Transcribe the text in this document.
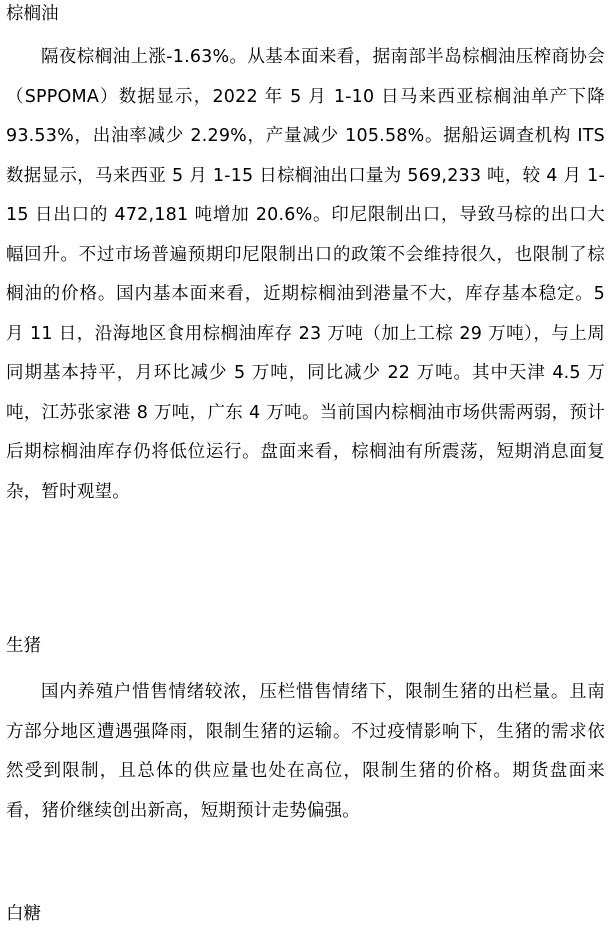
棕榈油

隔夜棕榈油上涨-1.63%。从基本面来看，据南部半岛棕榈油压榨商协会（SPPOMA）数据显示，2022 年 5 月 1-10 日马来西亚棕榈油单产下降 93.53%，出油率减少 2.29%，产量减少 105.58%。据船运调查机构 ITS 数据显示，马来西亚 5 月 1-15 日棕榈油出口量为 569,233 吨，较 4 月 1-15 日出口的 472,181 吨增加 20.6%。印尼限制出口，导致马棕的出口大幅回升。不过市场普遍预期印尼限制出口的政策不会维持很久，也限制了棕榈油的价格。国内基本面来看，近期棕榈油到港量不大，库存基本稳定。5 月 11 日，沿海地区食用棕榈油库存 23 万吨（加上工棕 29 万吨），与上周同期基本持平，月环比减少 5 万吨，同比减少 22 万吨。其中天津 4.5 万吨，江苏张家港 8 万吨，广东 4 万吨。当前国内棕榈油市场供需两弱，预计后期棕榈油库存仍将低位运行。盘面来看，棕榈油有所震荡，短期消息面复杂，暂时观望。

生猪

国内养殖户惜售情绪较浓，压栏惜售情绪下，限制生猪的出栏量。且南方部分地区遭遇强降雨，限制生猪的运输。不过疫情影响下，生猪的需求依然受到限制，且总体的供应量也处在高位，限制生猪的价格。期货盘面来看，猪价继续创出新高，短期预计走势偏强。

白糖
